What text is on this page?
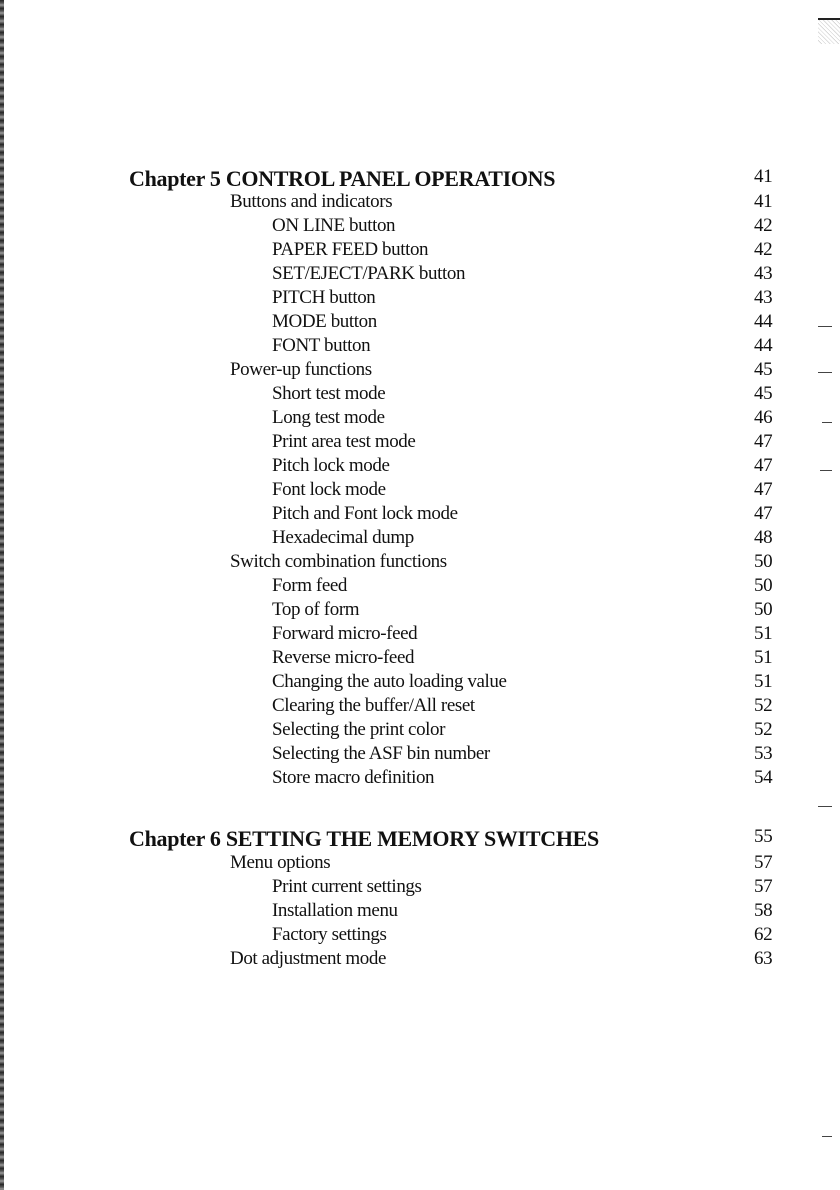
Chapter 5 CONTROL PANEL OPERATIONS	41
Buttons and indicators	41
ON LINE button	42
PAPER FEED button	42
SET/EJECT/PARK button	43
PITCH button	43
MODE button	44
FONT button	44
Power-up functions	45
Short test mode	45
Long test mode	46
Print area test mode	47
Pitch lock mode	47
Font lock mode	47
Pitch and Font lock mode	47
Hexadecimal dump	48
Switch combination functions	50
Form feed	50
Top of form	50
Forward micro-feed	51
Reverse micro-feed	51
Changing the auto loading value	51
Clearing the buffer/All reset	52
Selecting the print color	52
Selecting the ASF bin number	53
Store macro definition	54
Chapter 6 SETTING THE MEMORY SWITCHES	55
Menu options	57
Print current settings	57
Installation menu	58
Factory settings	62
Dot adjustment mode	63
